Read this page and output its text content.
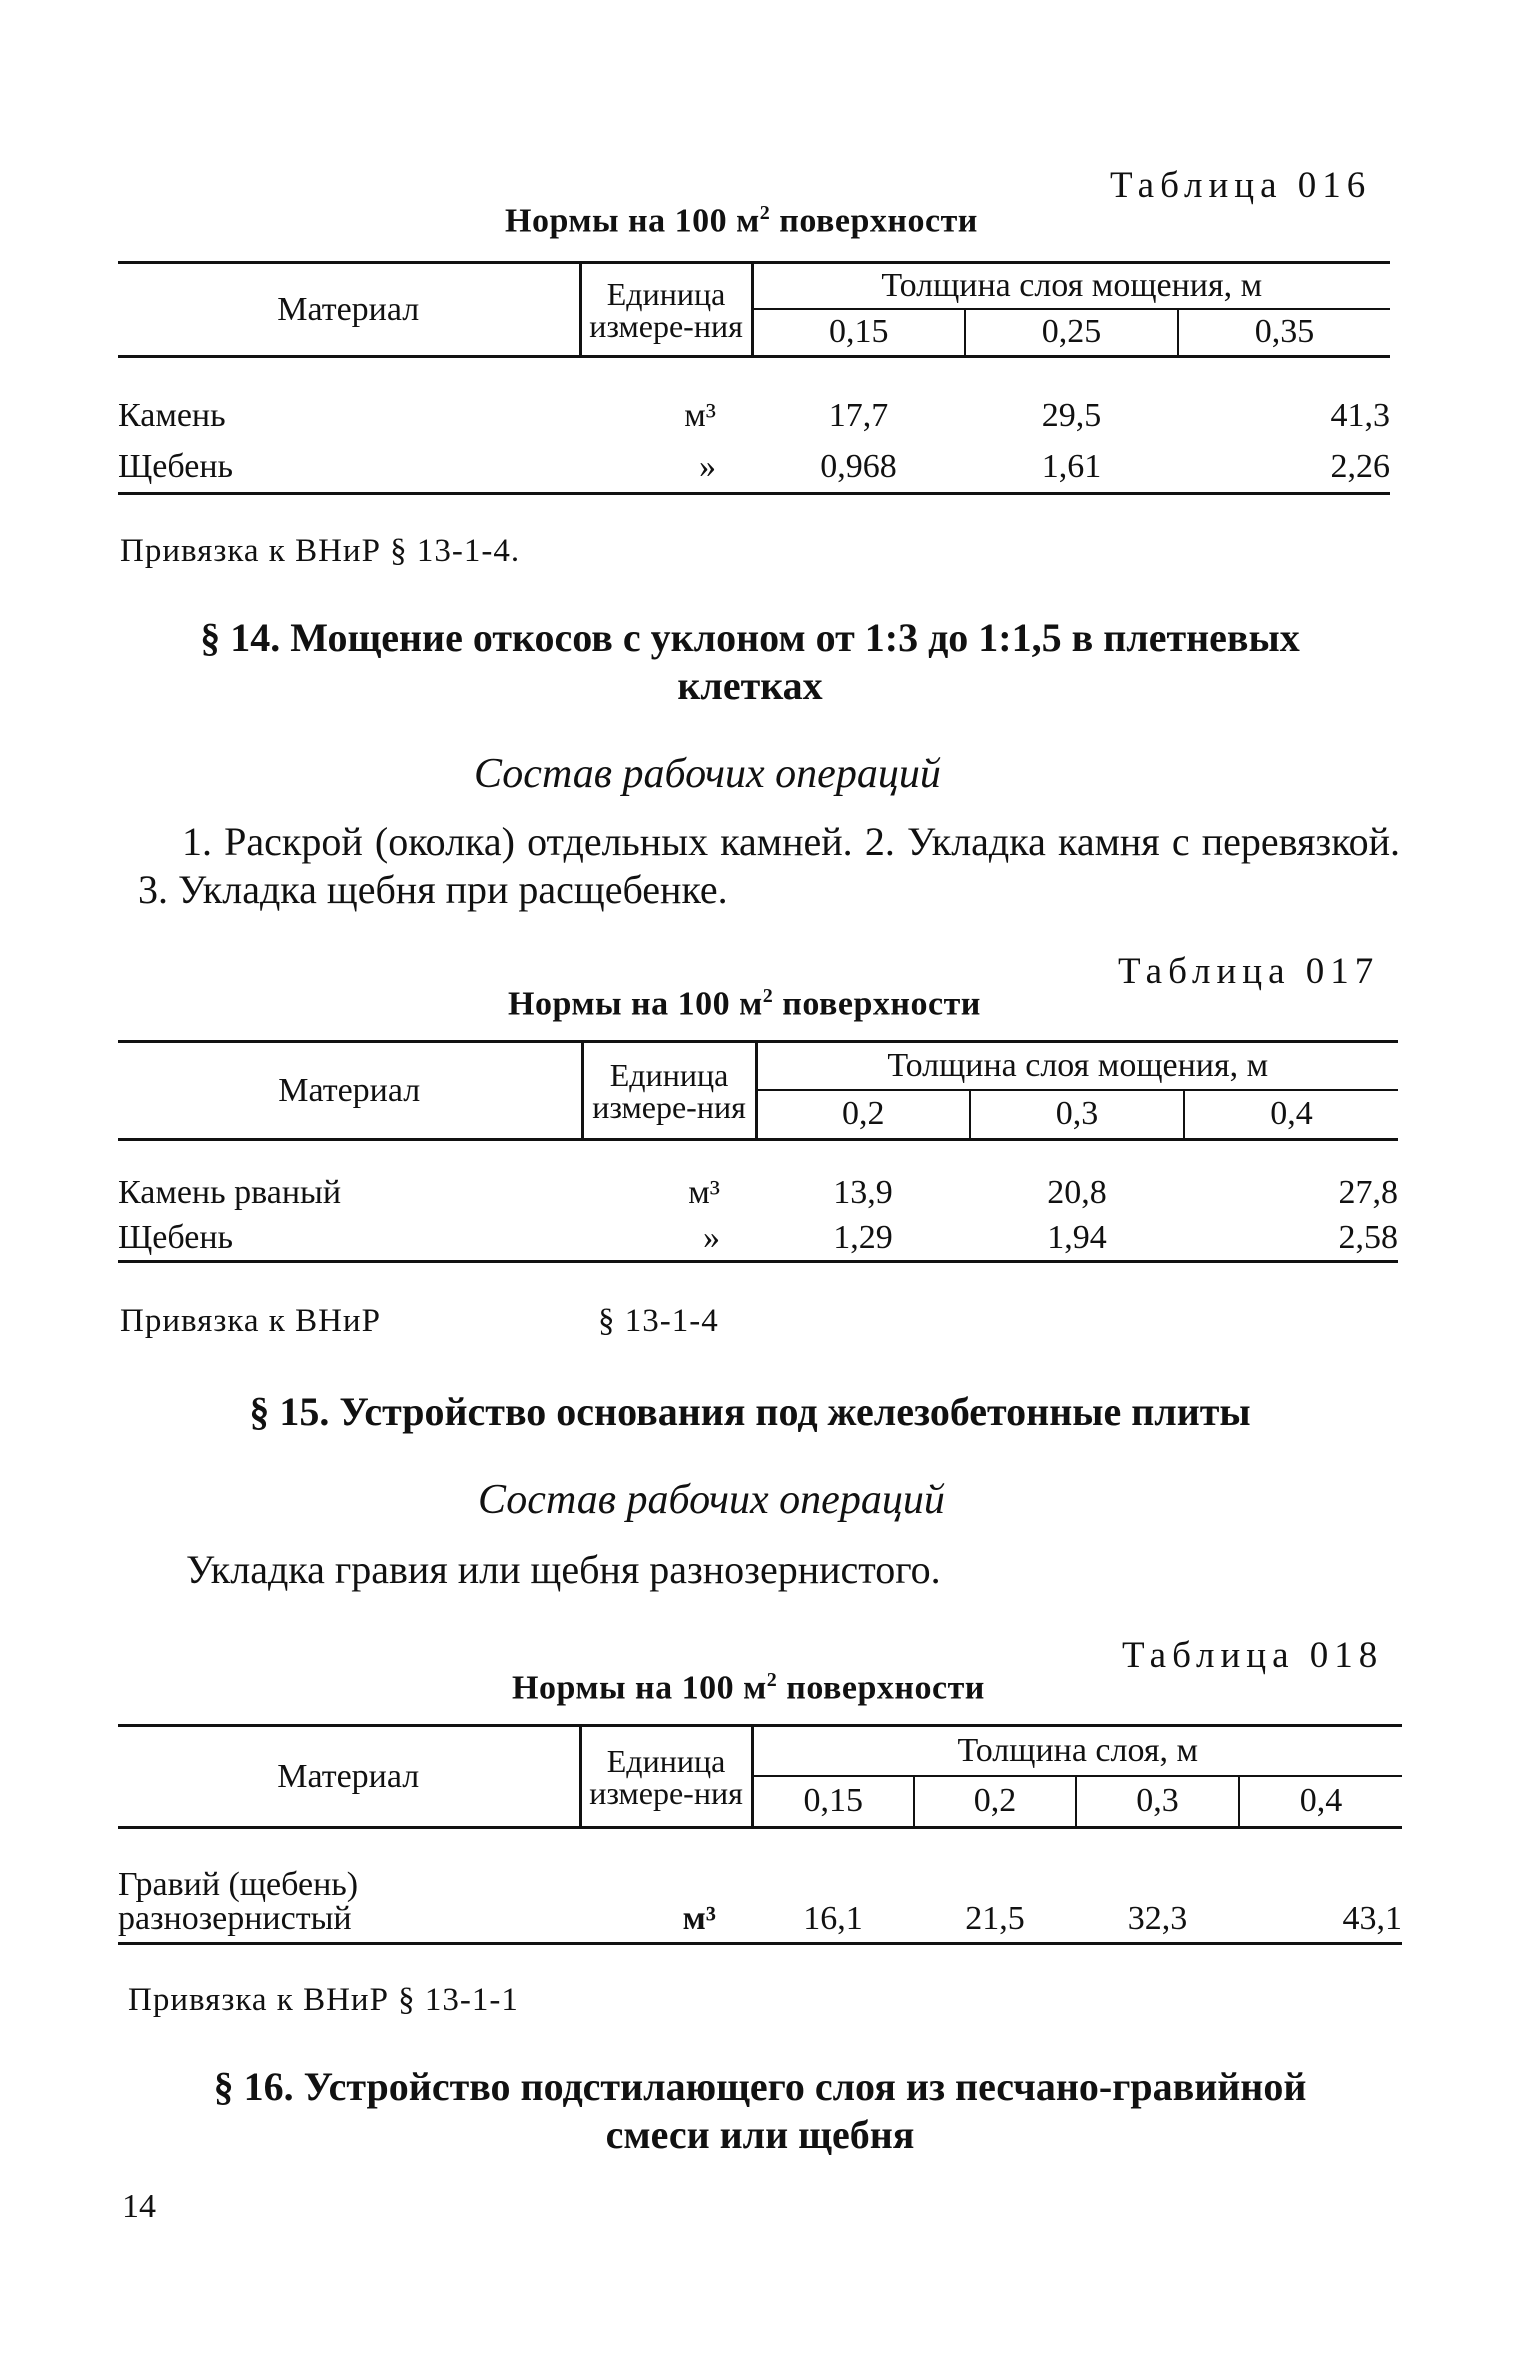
Таблица 016
Нормы на 100 $м^2$ поверхности
Материал	Единица измере-ния	Толщина слоя мощения, м		
		0,15	0,25	0,35

Камень	м³	17,7	29,5	41,3
Щебень	»	0,968	1,61	2,26
Привязка к ВНиР § 13-1-4.
§ 14. Мощение откосов с уклоном от 1:3 до 1:1,5 в плетневых
клетках
Состав рабочих операций
1. Раскрой (околка) отдельных камней. 2. Укладка камня с перевязкой. 3. Укладка щебня при расщебенке.
Таблица 017
Нормы на 100 $м^2$ поверхности
Материал	Единица измере-ния	Толщина слоя мощения, м		
		0,2	0,3	0,4

Камень рваный	м³	13,9	20,8	27,8
Щебень	»	1,29	1,94	2,58
Привязка к ВНиР	§ 13-1-4
§ 15. Устройство основания под железобетонные плиты
Состав рабочих операций
Укладка гравия или щебня разнозернистого.
Таблица 018
Нормы на 100 $м^2$ поверхности
Материал	Единица измере-ния	Толщина слоя, м			
		0,15	0,2	0,3	0,4

Гравий (щебень)
разнозернистый	м³	16,1	21,5	32,3	43,1
Привязка к ВНиР § 13-1-1
§ 16. Устройство подстилающего слоя из песчано-гравийной
смеси или щебня
14
